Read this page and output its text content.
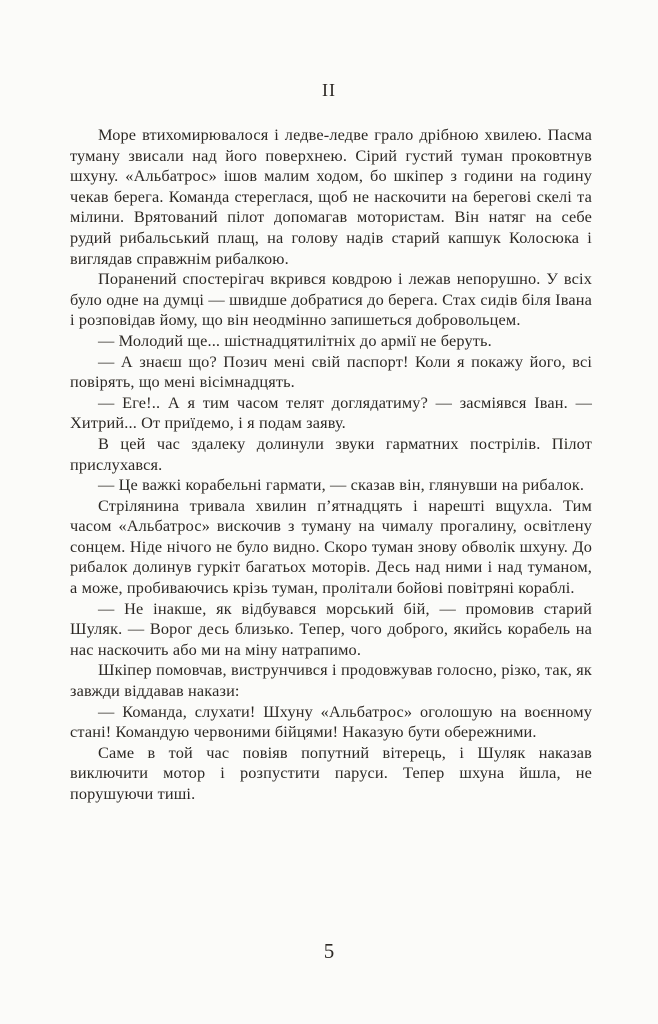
II

Море втихомирювалося і ледве-ледве грало дрібною хвилею. Пасма туману звисали над його поверхнею. Сірий густий туман проковтнув шхуну. «Альбатрос» ішов малим ходом, бо шкіпер з години на годину чекав берега. Команда стереглася, щоб не наскочити на берегові скелі та мілини. Врятований пілот допомагав мотористам. Він натяг на себе рудий рибальський плащ, на голову надів старий капшук Колосюка і виглядав справжнім рибалкою.

Поранений спостерігач вкрився ковдрою і лежав непорушно. У всіх було одне на думці — швидше добратися до берега. Стах сидів біля Івана і розповідав йому, що він неодмінно запишеться добровольцем.

— Молодий ще... шістнадцятилітніх до армії не беруть.

— А знаєш що? Позич мені свій паспорт! Коли я покажу його, всі повірять, що мені вісімнадцять.

— Еге!.. А я тим часом телят доглядатиму? — засміявся Іван. — Хитрий... От приїдемо, і я подам заяву.

В цей час здалеку долинули звуки гарматних пострілів. Пілот прислухався.

— Це важкі корабельні гармати, — сказав він, глянувши на рибалок.

Стрілянина тривала хвилин п’ятнадцять і нарешті вщухла. Тим часом «Альбатрос» вискочив з туману на чималу прогалину, освітлену сонцем. Ніде нічого не було видно. Скоро туман знову обволік шхуну. До рибалок долинув гуркіт багатьох моторів. Десь над ними і над туманом, а може, пробиваючись крізь туман, пролітали бойові повітряні кораблі.

— Не інакше, як відбувався морський бій, — промовив старий Шуляк. — Ворог десь близько. Тепер, чого доброго, якийсь корабель на нас наскочить або ми на міну натрапимо.

Шкіпер помовчав, виструнчився і продовжував голосно, різко, так, як завжди віддавав накази:

— Команда, слухати! Шхуну «Альбатрос» оголошую на воєнному стані! Командую червоними бійцями! Наказую бути обережними.

Саме в той час повіяв попутний вітерець, і Шуляк наказав виключити мотор і розпустити паруси. Тепер шхуна йшла, не порушуючи тиші.

5
